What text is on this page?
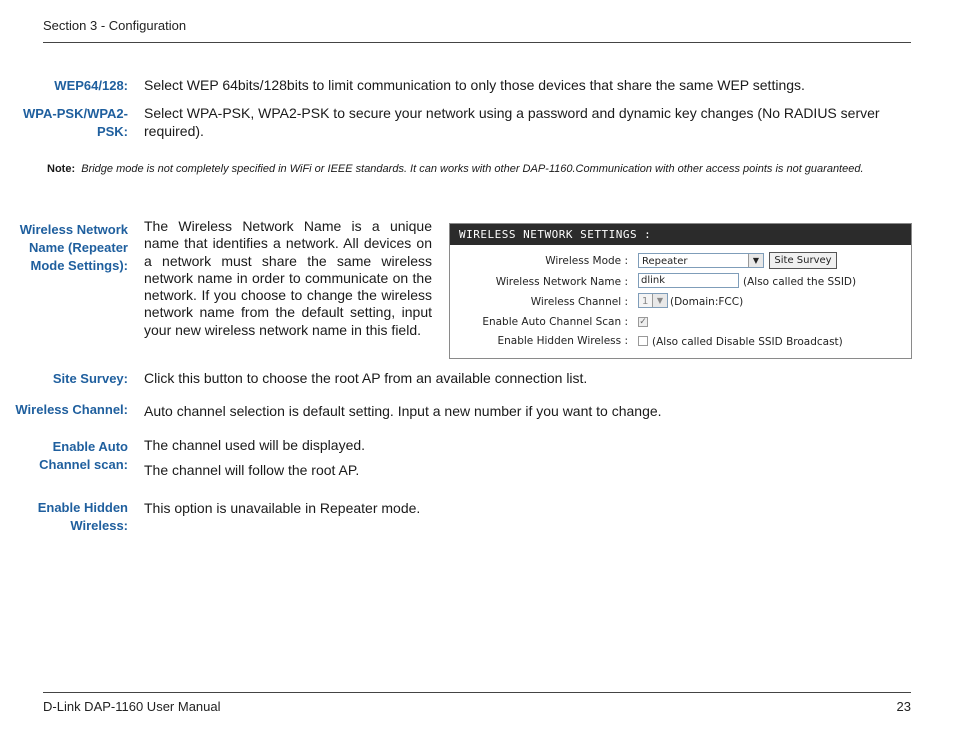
Section 3 - Configuration
WEP64/128: Select WEP 64bits/128bits to limit communication to only those devices that share the same WEP settings.
WPA-PSK/WPA2-
PSK:
Select WPA-PSK, WPA2-PSK to secure your network using a password and dynamic key changes (No RADIUS server
required).
Note: Bridge mode is not completely specified in WiFi or IEEE standards. It can works with other DAP-1160.Communication with other access points is not guaranteed.
Wireless Network
Name (Repeater
Mode Settings):
The Wireless Network Name is a unique name that identifies a network. All devices on a network must share the same wireless network name in order to communicate on the network. If you choose to change the wireless network name from the default setting, input your new wireless network name in this field.
WIRELESS NETWORK SETTINGS :
Wireless Mode :	Repeater	▼	Site Survey
Wireless Network Name :	dlink	(Also called the SSID)
Wireless Channel :	1	▼ (Domain:FCC)
Enable Auto Channel Scan : ✓
Enable Hidden Wireless : (Also called Disable SSID Broadcast)
Site Survey: Click this button to choose the root AP from an available connection list.
Wireless Channel: Auto channel selection is default setting. Input a new number if you want to change.
Enable Auto
Channel scan:
The channel used will be displayed.
The channel will follow the root AP.
Enable Hidden
Wireless:
This option is unavailable in Repeater mode.
D-Link DAP-1160 User Manual	23
